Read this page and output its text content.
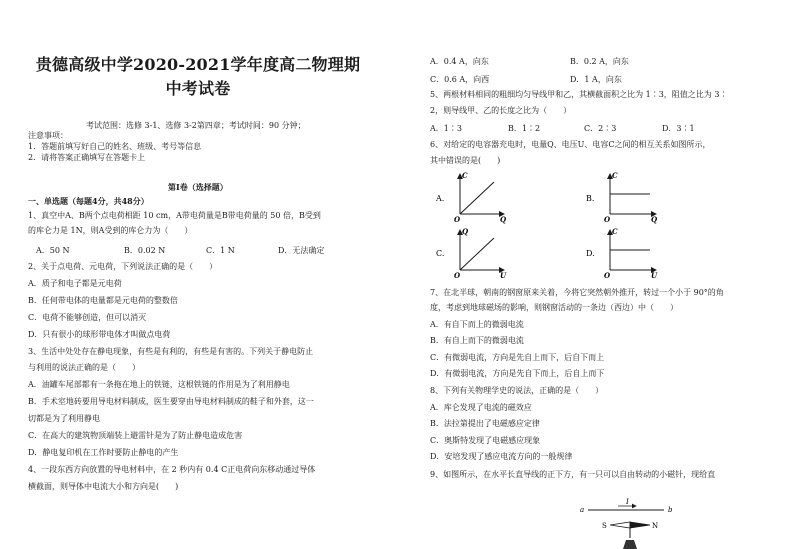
贵德高级中学2020-2021学年度高二物理期
中考试卷
考试范围：选修 3-1、选修 3-2第四章；考试时间：90 分钟；
注意事项：
1．答题前填写好自己的姓名、班级、考号等信息
2．请将答案正确填写在答题卡上
第I卷（选择题）
一、单选题（每题4分，共48分）
1、真空中A、B两个点电荷相距 10 cm，A带电荷量是B带电荷量的 50 倍，B受到
的库仑力是 1N，则A受到的库仑力为（　　）
A．50 N	B．0.02 N	C．1 N	D．无法确定
2、关于点电荷、元电荷，下列说法正确的是（　　）
A．质子和电子都是元电荷
B．任何带电体的电量都是元电荷的整数倍
C．电荷不能够创造，但可以消灭
D．只有很小的球形带电体才叫做点电荷
3、生活中处处存在静电现象，有些是有利的，有些是有害的。下列关于静电防止
与利用的说法正确的是（　　）
A．油罐车尾部都有一条拖在地上的铁链，这根铁链的作用是为了利用静电
B．手术室地砖要用导电材料制成，医生要穿由导电材料制成的鞋子和外套，这一
切都是为了利用静电
C．在高大的建筑物顶端装上避雷针是为了防止静电造成危害
D．静电复印机在工作时要防止静电的产生
4、一段东西方向放置的导电材料中，在 2 秒内有 0.4 C正电荷向东移动通过导体
横截面，则导体中电流大小和方向是(　　)
A．0.4 A，向东	B．0.2 A，向东
C．0.6 A，向西	D．1 A，向东
5、两根材料相同的粗细均匀导线甲和乙，其横截面积之比为 1∶3，阻值之比为 3∶
2，则导线甲、乙的长度之比为（　　）
A．1∶3	B．1∶2	C．2∶3	D．3∶1
6、对给定的电容器充电时，电量Q、电压U、电容C之间的相互关系如图所示，
其中错误的是(　　)
A.
C
Q
O
B.
C
Q
O
C.
Q
U
O
D.
C
U
O
7、在北半球，朝南的钢窗原来关着，今将它突然朝外推开，转过一个小于 90°的角
度，考虑到地球磁场的影响，则钢窗活动的一条边（西边）中（　　）
A．有自下而上的微弱电流
B．有自上而下的微弱电流
C．有微弱电流，方向是先自上而下，后自下而上
D．有微弱电流，方向是先自下而上，后自上而下
8、下列有关物理学史的说法，正确的是（　　）
A．库仑发现了电流的磁效应
B．法拉第提出了电磁感应定律
C．奥斯特发现了电磁感应现象
D．安培发现了感应电流方向的一般规律
9、如图所示，在水平长直导线的正下方，有一只可以自由转动的小磁针，现给直
a	b
I
S	N
